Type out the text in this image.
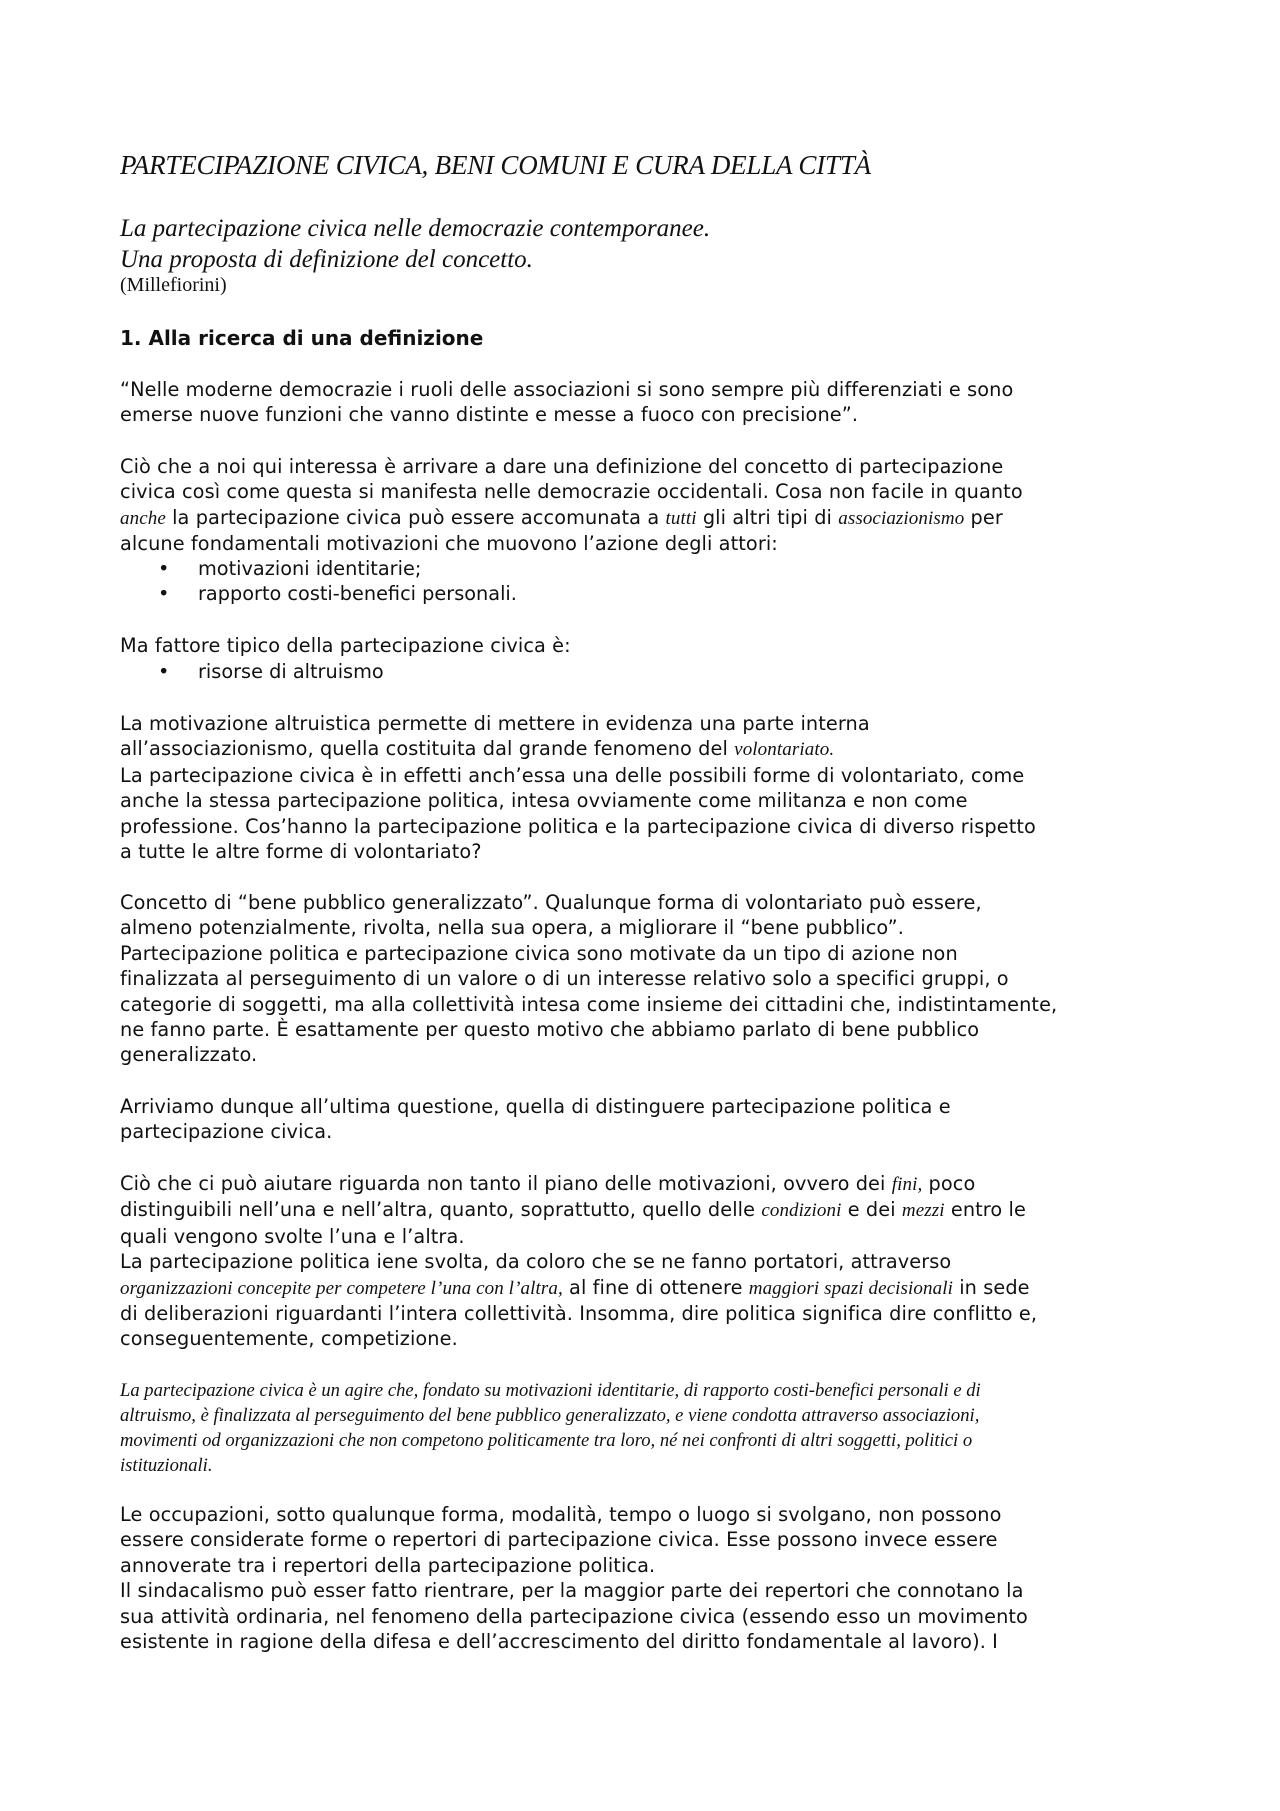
PARTECIPAZIONE CIVICA, BENI COMUNI E CURA DELLA CITTÀ
La partecipazione civica nelle democrazie contemporanee.
Una proposta di definizione del concetto.
(Millefiorini)
1. Alla ricerca di una definizione
“Nelle moderne democrazie i ruoli delle associazioni si sono sempre più differenziati e sono
emerse nuove funzioni che vanno distinte e messe a fuoco con precisione”.
Ciò che a noi qui interessa è arrivare a dare una definizione del concetto di partecipazione
civica così come questa si manifesta nelle democrazie occidentali. Cosa non facile in quanto
anche la partecipazione civica può essere accomunata a tutti gli altri tipi di associazionismo per
alcune fondamentali motivazioni che muovono l’azione degli attori:
• motivazioni identitarie;
• rapporto costi-benefici personali.
Ma fattore tipico della partecipazione civica è:
• risorse di altruismo
La motivazione altruistica permette di mettere in evidenza una parte interna
all’associazionismo, quella costituita dal grande fenomeno del volontariato.
La partecipazione civica è in effetti anch’essa una delle possibili forme di volontariato, come
anche la stessa partecipazione politica, intesa ovviamente come militanza e non come
professione. Cos’hanno la partecipazione politica e la partecipazione civica di diverso rispetto
a tutte le altre forme di volontariato?
Concetto di “bene pubblico generalizzato”. Qualunque forma di volontariato può essere,
almeno potenzialmente, rivolta, nella sua opera, a migliorare il “bene pubblico”.
Partecipazione politica e partecipazione civica sono motivate da un tipo di azione non
finalizzata al perseguimento di un valore o di un interesse relativo solo a specifici gruppi, o
categorie di soggetti, ma alla collettività intesa come insieme dei cittadini che, indistintamente,
ne fanno parte. È esattamente per questo motivo che abbiamo parlato di bene pubblico
generalizzato.
Arriviamo dunque all’ultima questione, quella di distinguere partecipazione politica e
partecipazione civica.
Ciò che ci può aiutare riguarda non tanto il piano delle motivazioni, ovvero dei fini, poco
distinguibili nell’una e nell’altra, quanto, soprattutto, quello delle condizioni e dei mezzi entro le
quali vengono svolte l’una e l’altra.
La partecipazione politica iene svolta, da coloro che se ne fanno portatori, attraverso
organizzazioni concepite per competere l’una con l’altra, al fine di ottenere maggiori spazi decisionali in sede
di deliberazioni riguardanti l’intera collettività. Insomma, dire politica significa dire conflitto e,
conseguentemente, competizione.
La partecipazione civica è un agire che, fondato su motivazioni identitarie, di rapporto costi-benefici personali e di
altruismo, è finalizzata al perseguimento del bene pubblico generalizzato, e viene condotta attraverso associazioni,
movimenti od organizzazioni che non competono politicamente tra loro, né nei confronti di altri soggetti, politici o
istituzionali.
Le occupazioni, sotto qualunque forma, modalità, tempo o luogo si svolgano, non possono
essere considerate forme o repertori di partecipazione civica. Esse possono invece essere
annoverate tra i repertori della partecipazione politica.
Il sindacalismo può esser fatto rientrare, per la maggior parte dei repertori che connotano la
sua attività ordinaria, nel fenomeno della partecipazione civica (essendo esso un movimento
esistente in ragione della difesa e dell’accrescimento del diritto fondamentale al lavoro). I
